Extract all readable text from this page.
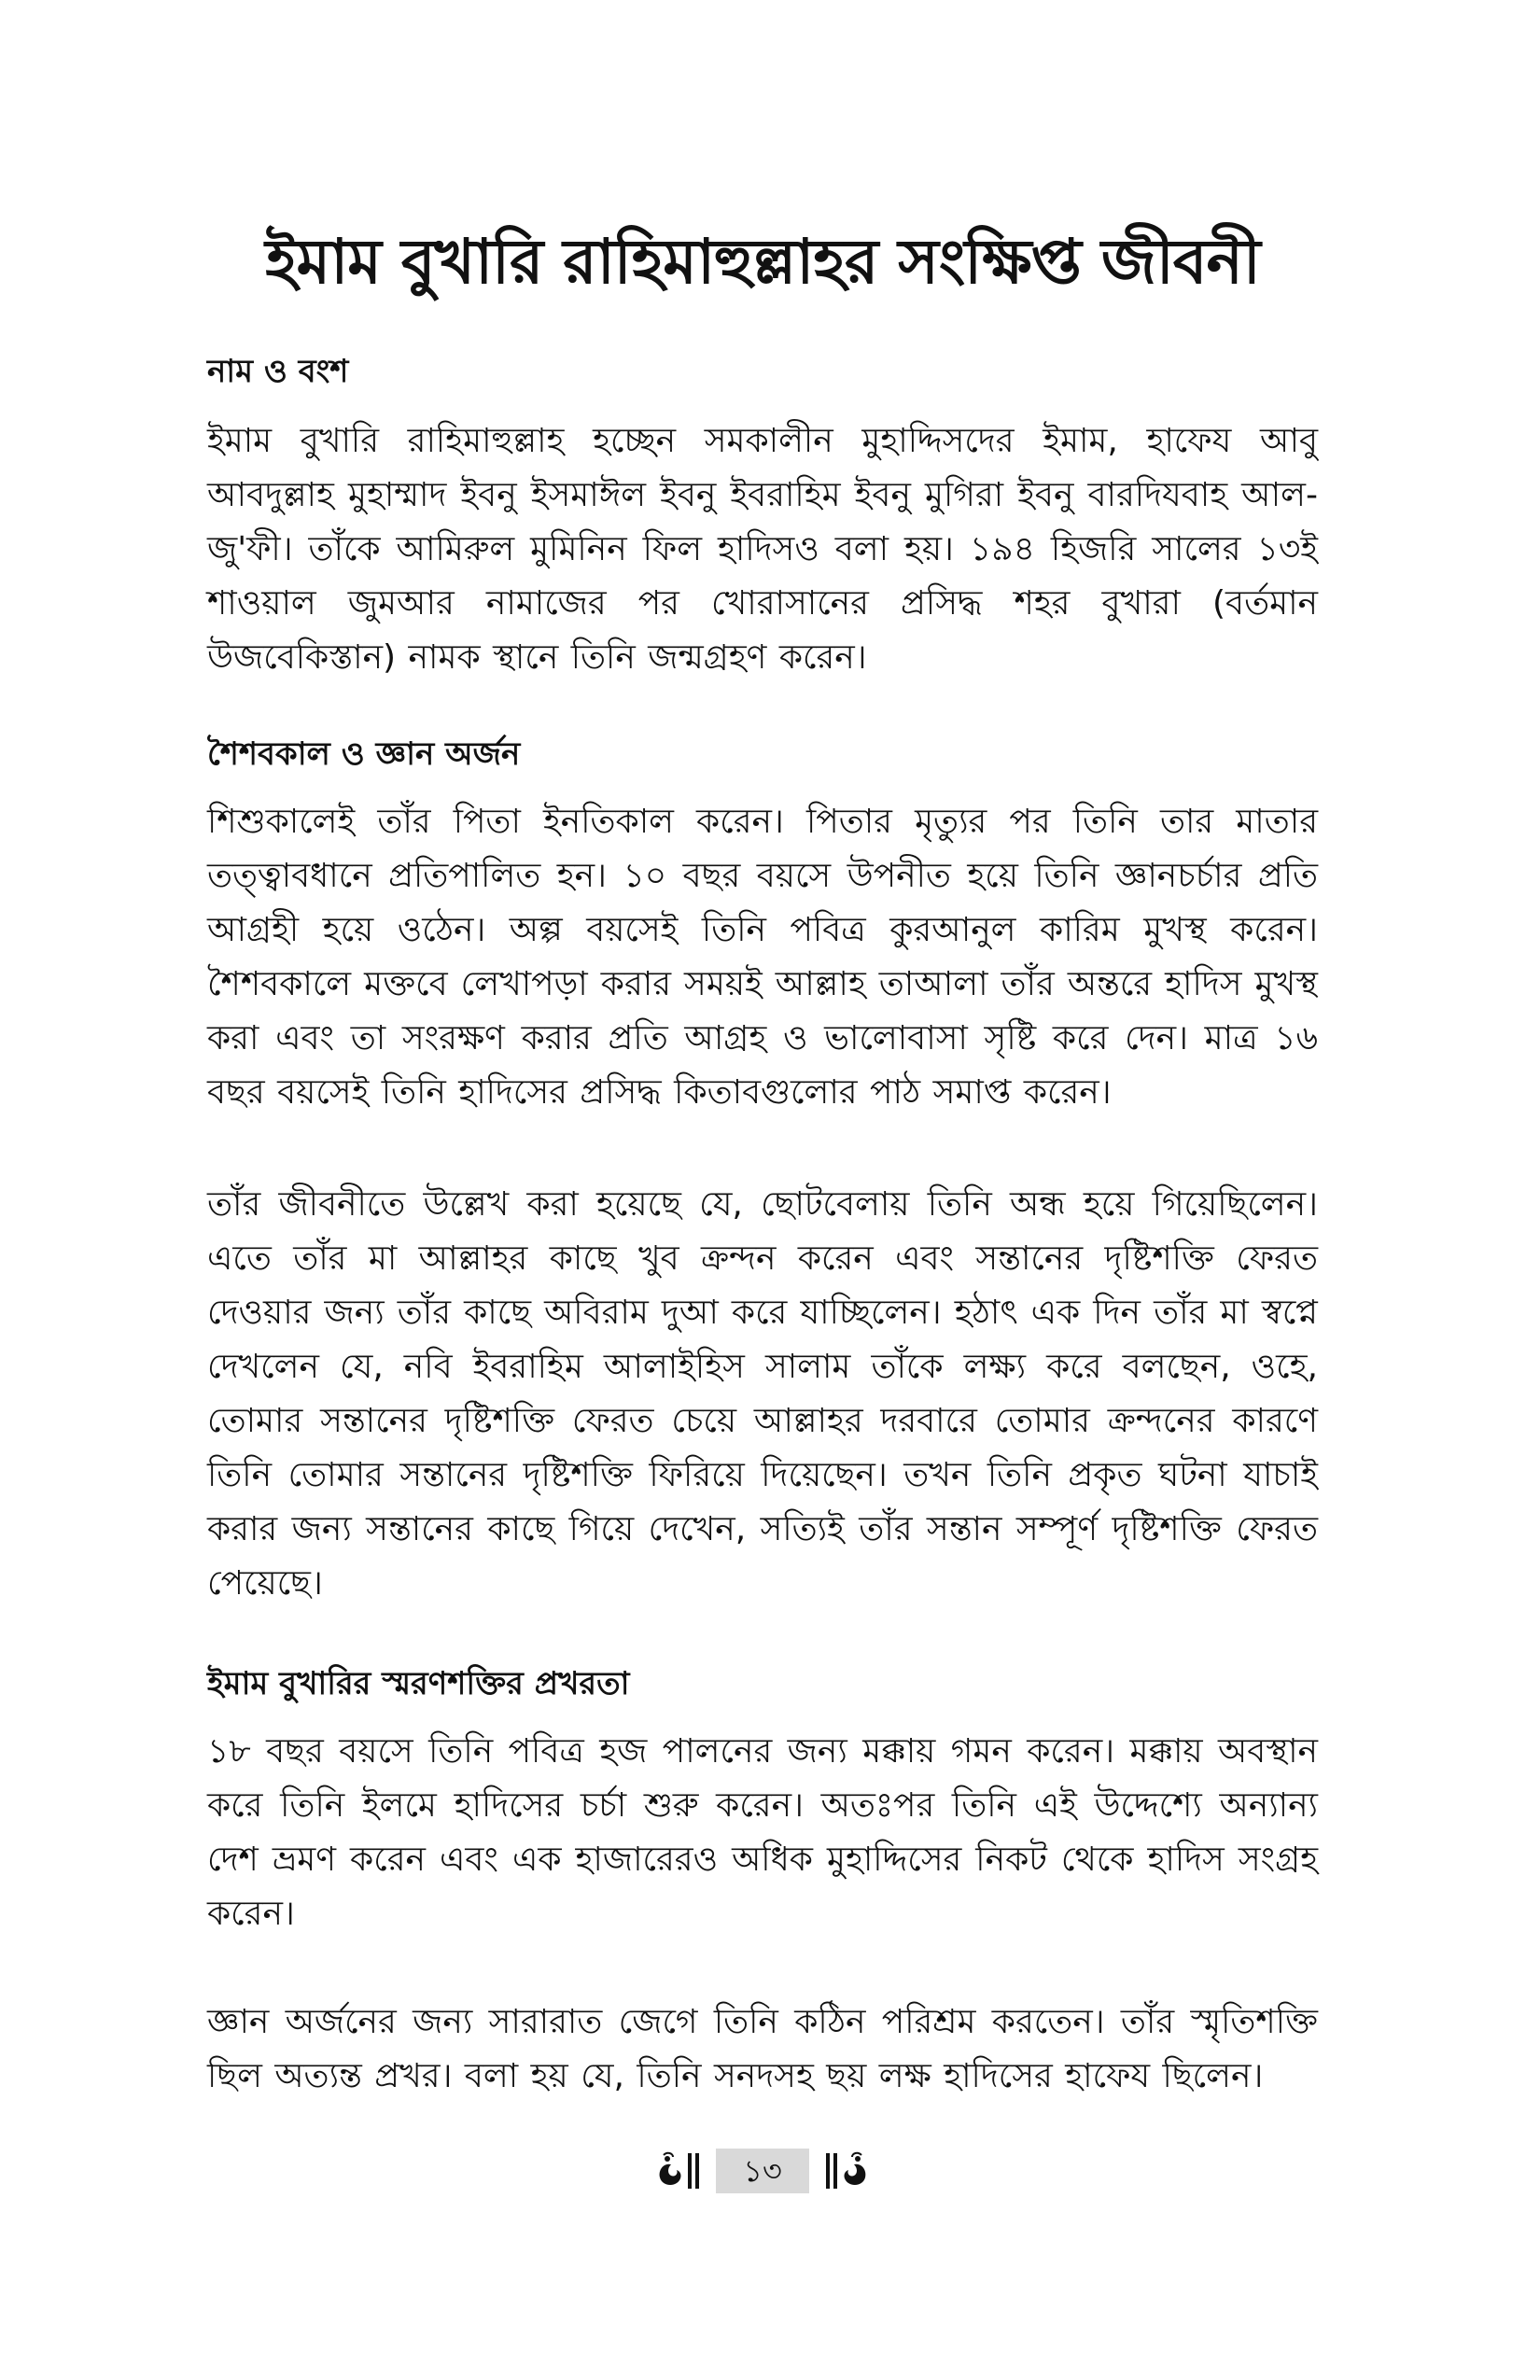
ইমাম বুখারি রাহিমাহুল্লাহর সংক্ষিপ্ত জীবনী
নাম ও বংশ

ইমাম বুখারি রাহিমাহুল্লাহ হচ্ছেন সমকালীন মুহাদ্দিসদের ইমাম, হাফেয আবু আবদুল্লাহ মুহাম্মাদ ইবনু ইসমাঈল ইবনু ইবরাহিম ইবনু মুগিরা ইবনু বারদিযবাহ আল-জু'ফী। তাঁকে আমিরুল মুমিনিন ফিল হাদিসও বলা হয়। ১৯৪ হিজরি সালের ১৩ই শাওয়াল জুমআর নামাজের পর খোরাসানের প্রসিদ্ধ শহর বুখারা (বর্তমান উজবেকিস্তান) নামক স্থানে তিনি জন্মগ্রহণ করেন।

শৈশবকাল ও জ্ঞান অর্জন

শিশুকালেই তাঁর পিতা ইনতিকাল করেন। পিতার মৃত্যুর পর তিনি তার মাতার তত্ত্বাবধানে প্রতিপালিত হন। ১০ বছর বয়সে উপনীত হয়ে তিনি জ্ঞানচর্চার প্রতি আগ্রহী হয়ে ওঠেন। অল্প বয়সেই তিনি পবিত্র কুরআনুল কারিম মুখস্থ করেন। শৈশবকালে মক্তবে লেখাপড়া করার সময়ই আল্লাহ তাআলা তাঁর অন্তরে হাদিস মুখস্থ করা এবং তা সংরক্ষণ করার প্রতি আগ্রহ ও ভালোবাসা সৃষ্টি করে দেন। মাত্র ১৬ বছর বয়সেই তিনি হাদিসের প্রসিদ্ধ কিতাবগুলোর পাঠ সমাপ্ত করেন।

তাঁর জীবনীতে উল্লেখ করা হয়েছে যে, ছোটবেলায় তিনি অন্ধ হয়ে গিয়েছিলেন। এতে তাঁর মা আল্লাহর কাছে খুব ক্রন্দন করেন এবং সন্তানের দৃষ্টিশক্তি ফেরত দেওয়ার জন্য তাঁর কাছে অবিরাম দুআ করে যাচ্ছিলেন। হঠাৎ এক দিন তাঁর মা স্বপ্নে দেখলেন যে, নবি ইবরাহিম আলাইহিস সালাম তাঁকে লক্ষ্য করে বলছেন, ওহে, তোমার সন্তানের দৃষ্টিশক্তি ফেরত চেয়ে আল্লাহর দরবারে তোমার ক্রন্দনের কারণে তিনি তোমার সন্তানের দৃষ্টিশক্তি ফিরিয়ে দিয়েছেন। তখন তিনি প্রকৃত ঘটনা যাচাই করার জন্য সন্তানের কাছে গিয়ে দেখেন, সত্যিই তাঁর সন্তান সম্পূর্ণ দৃষ্টিশক্তি ফেরত পেয়েছে।

ইমাম বুখারির স্মরণশক্তির প্রখরতা

১৮ বছর বয়সে তিনি পবিত্র হজ পালনের জন্য মক্কায় গমন করেন। মক্কায় অবস্থান করে তিনি ইলমে হাদিসের চর্চা শুরু করেন। অতঃপর তিনি এই উদ্দেশ্যে অন্যান্য দেশ ভ্রমণ করেন এবং এক হাজারেরও অধিক মুহাদ্দিসের নিকট থেকে হাদিস সংগ্রহ করেন।

জ্ঞান অর্জনের জন্য সারারাত জেগে তিনি কঠিন পরিশ্রম করতেন। তাঁর স্মৃতিশক্তি ছিল অত্যন্ত প্রখর। বলা হয় যে, তিনি সনদসহ ছয় লক্ষ হাদিসের হাফেয ছিলেন।

১৩
